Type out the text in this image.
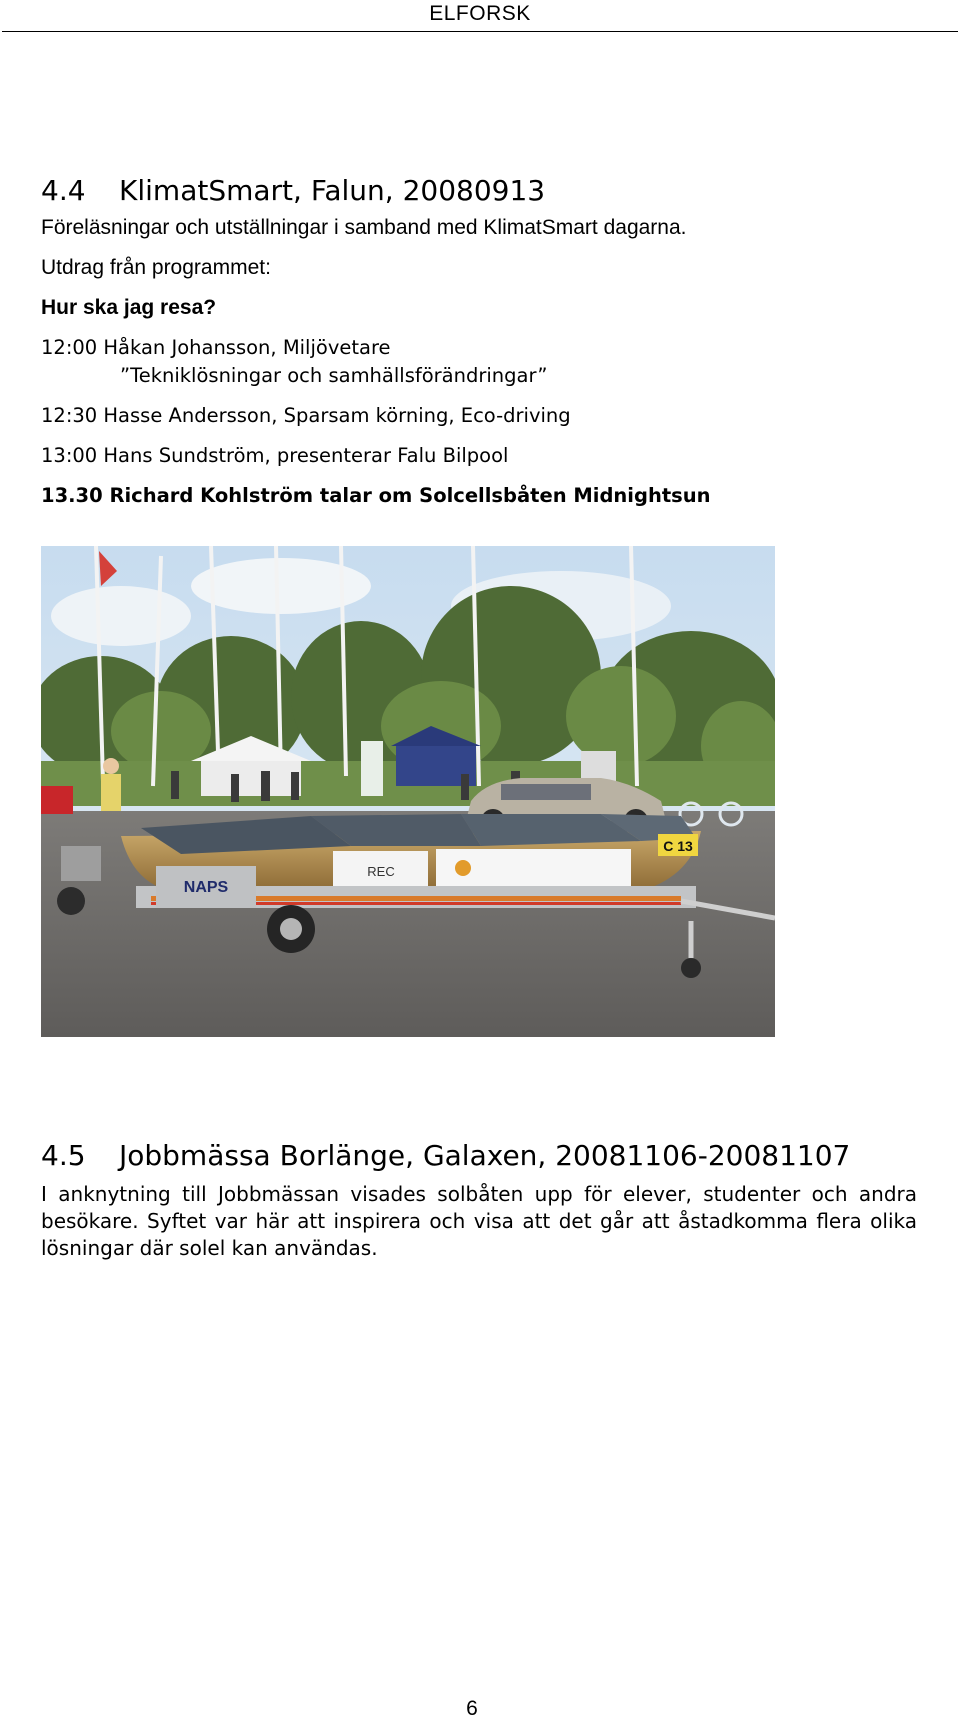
ELFORSK
4.4 KlimatSmart, Falun, 20080913
Föreläsningar och utställningar i samband med KlimatSmart dagarna.
Utdrag från programmet:
Hur ska jag resa?
12:00 Håkan Johansson, Miljövetare
”Tekniklösningar och samhällsförändringar”
12:30 Hasse Andersson, Sparsam körning, Eco-driving
13:00 Hans Sundström, presenterar Falu Bilpool
13.30 Richard Kohlström talar om Solcellsbåten Midnightsun
REC
C 13
NAPS
4.5 Jobbmässa Borlänge, Galaxen, 20081106-20081107
I anknytning till Jobbmässan visades solbåten upp för elever, studenter och andra besökare. Syftet var här att inspirera och visa att det går att åstadkomma flera olika lösningar där solel kan användas.
6
